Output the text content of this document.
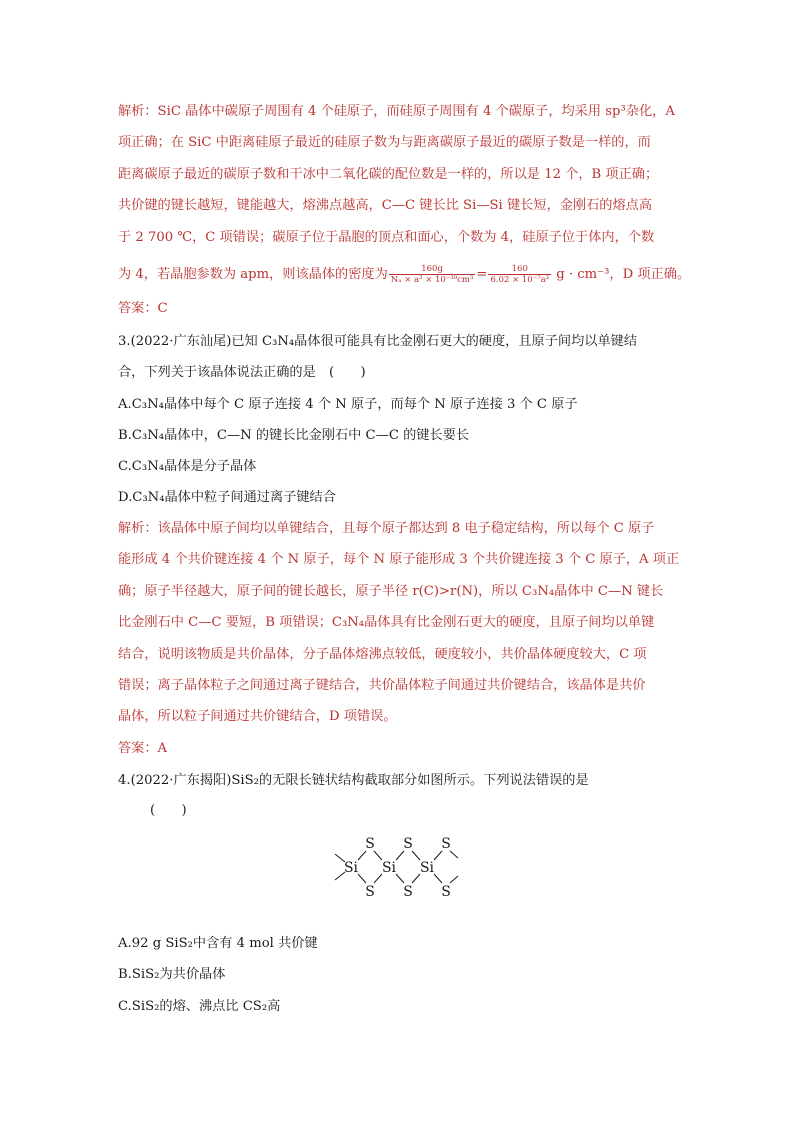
解析：SiC 晶体中碳原子周围有 4 个硅原子，而硅原子周围有 4 个碳原子，均采用 sp³杂化，A
项正确；在 SiC 中距离硅原子最近的硅原子数为与距离碳原子最近的碳原子数是一样的，而
距离碳原子最近的碳原子数和干冰中二氧化碳的配位数是一样的，所以是 12 个，B 项正确；
共价键的键长越短，键能越大，熔沸点越高，C—C 键长比 Si—Si 键长短，金刚石的熔点高
于 2 700 ℃，C 项错误；碳原子位于晶胞的顶点和面心，个数为 4，硅原子位于体内，个数
为 4，若晶胞参数为 apm，则该晶体的密度为 $\frac{160g}{\text{Nₐ × a³ × 10⁻³⁰cm³}} = \frac{160}{\text{6.02 × 10⁻⁷a³}}$ g · cm⁻³，D 项正确。
答案：C
3.(2022·广东汕尾)已知 C₃N₄晶体很可能具有比金刚石更大的硬度，且原子间均以单键结
合，下列关于该晶体说法正确的是　(　　)
A.C₃N₄晶体中每个 C 原子连接 4 个 N 原子，而每个 N 原子连接 3 个 C 原子
B.C₃N₄晶体中，C—N 的键长比金刚石中 C—C 的键长要长
C.C₃N₄晶体是分子晶体
D.C₃N₄晶体中粒子间通过离子键结合
解析：该晶体中原子间均以单键结合，且每个原子都达到 8 电子稳定结构，所以每个 C 原子
能形成 4 个共价键连接 4 个 N 原子，每个 N 原子能形成 3 个共价键连接 3 个 C 原子，A 项正
确；原子半径越大，原子间的键长越长，原子半径 r(C)>r(N)，所以 C₃N₄晶体中 C—N 键长
比金刚石中 C—C 要短，B 项错误；C₃N₄晶体具有比金刚石更大的硬度，且原子间均以单键
结合，说明该物质是共价晶体，分子晶体熔沸点较低，硬度较小，共价晶体硬度较大，C 项
错误；离子晶体粒子之间通过离子键结合，共价晶体粒子间通过共价键结合，该晶体是共价
晶体，所以粒子间通过共价键结合，D 项错误。
答案：A
4.(2022·广东揭阳)SiS₂的无限长链状结构截取部分如图所示。下列说法错误的是
(　　)
Si Si Si
S S S
S S S
A.92 g SiS₂中含有 4 mol 共价键
B.SiS₂为共价晶体
C.SiS₂的熔、沸点比 CS₂高
